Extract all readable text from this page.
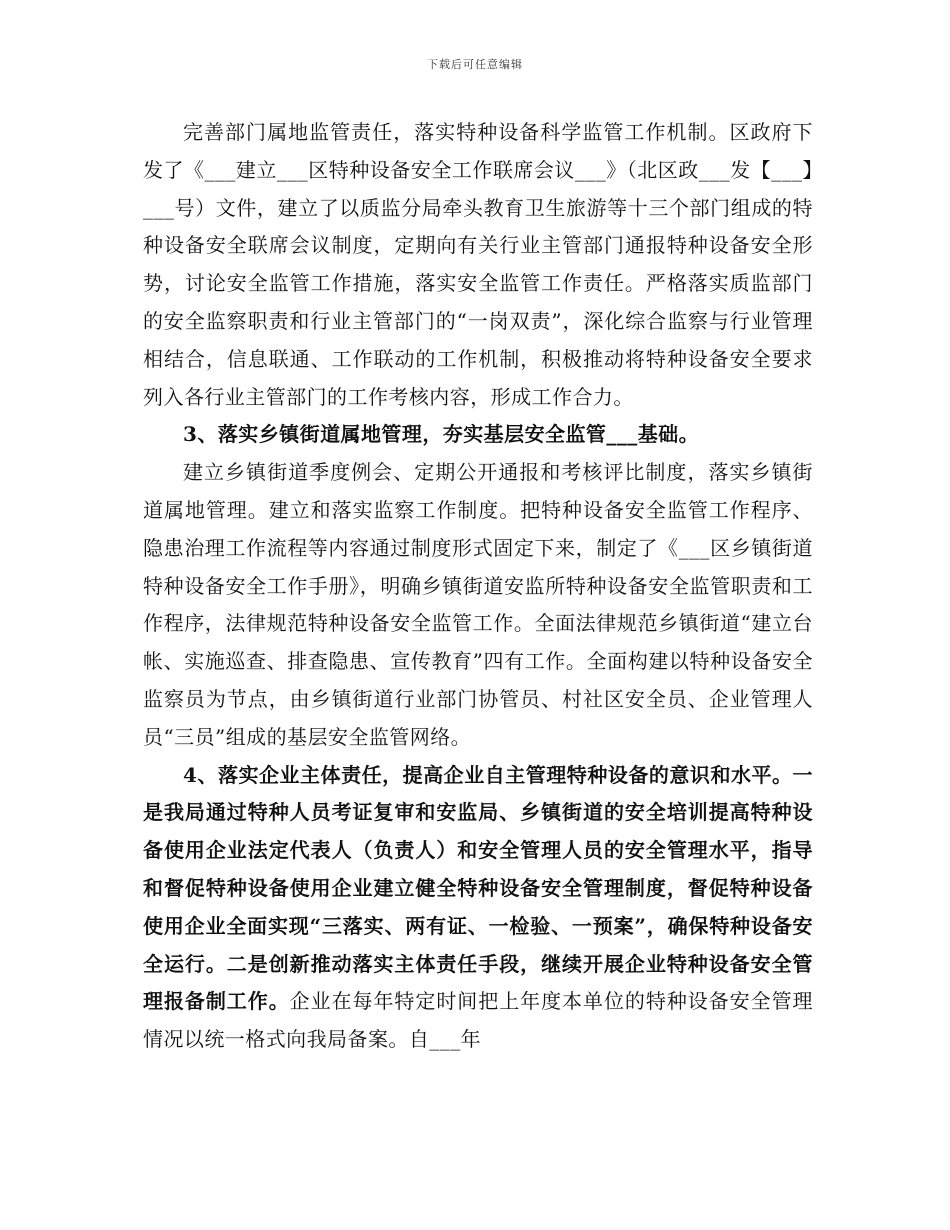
下载后可任意编辑

完善部门属地监管责任，落实特种设备科学监管工作机制。区政府下发了《___建立___区特种设备安全工作联席会议___》（北区政___发【___】___号）文件，建立了以质监分局牵头教育卫生旅游等十三个部门组成的特种设备安全联席会议制度，定期向有关行业主管部门通报特种设备安全形势，讨论安全监管工作措施，落实安全监管工作责任。严格落实质监部门的安全监察职责和行业主管部门的“一岗双责”，深化综合监察与行业管理相结合，信息联通、工作联动的工作机制，积极推动将特种设备安全要求列入各行业主管部门的工作考核内容，形成工作合力。

3、落实乡镇街道属地管理，夯实基层安全监管___基础。

建立乡镇街道季度例会、定期公开通报和考核评比制度，落实乡镇街道属地管理。建立和落实监察工作制度。把特种设备安全监管工作程序、隐患治理工作流程等内容通过制度形式固定下来，制定了《___区乡镇街道特种设备安全工作手册》，明确乡镇街道安监所特种设备安全监管职责和工作程序，法律规范特种设备安全监管工作。全面法律规范乡镇街道“建立台帐、实施巡查、排查隐患、宣传教育”四有工作。全面构建以特种设备安全监察员为节点，由乡镇街道行业部门协管员、村社区安全员、企业管理人员“三员”组成的基层安全监管网络。

4、落实企业主体责任，提高企业自主管理特种设备的意识和水平。一是我局通过特种人员考证复审和安监局、乡镇街道的安全培训提高特种设备使用企业法定代表人（负责人）和安全管理人员的安全管理水平，指导和督促特种设备使用企业建立健全特种设备安全管理制度，督促特种设备使用企业全面实现“三落实、两有证、一检验、一预案”，确保特种设备安全运行。二是创新推动落实主体责任手段，继续开展企业特种设备安全管理报备制工作。企业在每年特定时间把上年度本单位的特种设备安全管理情况以统一格式向我局备案。自___年
